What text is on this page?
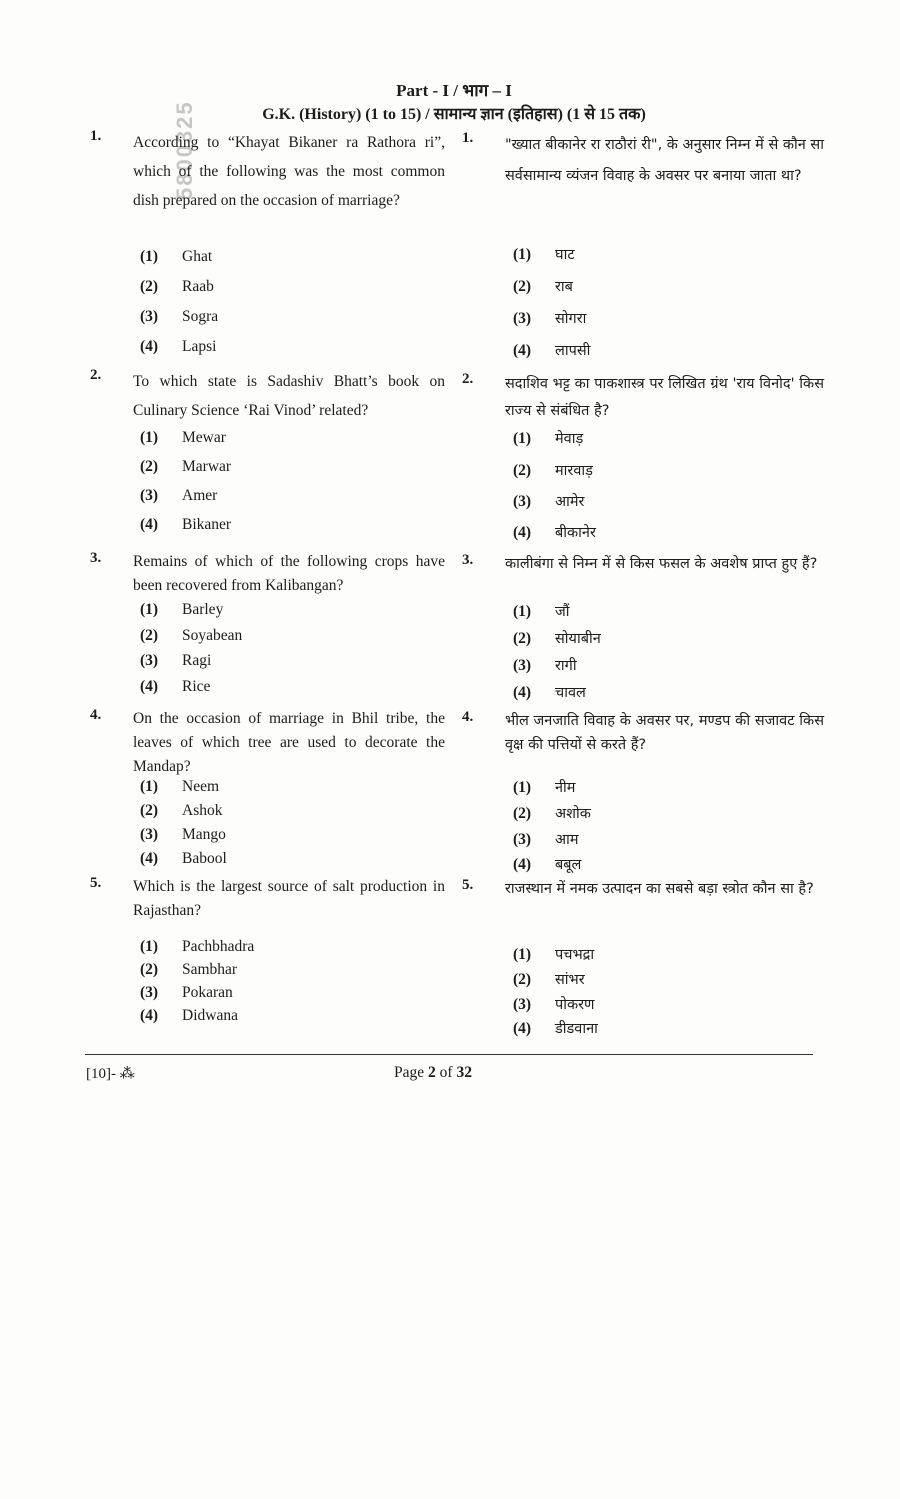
Part - I / भाग – I
G.K. (History) (1 to 15) / सामान्य ज्ञान (इतिहास) (1 से 15 तक)
5800325
1. According to “Khayat Bikaner ra Rathora ri”, which of the following was the most common dish prepared on the occasion of marriage?
(1) Ghat
(2) Raab
(3) Sogra
(4) Lapsi
2. To which state is Sadashiv Bhatt’s book on Culinary Science ‘Rai Vinod’ related?
(1) Mewar
(2) Marwar
(3) Amer
(4) Bikaner
3. Remains of which of the following crops have been recovered from Kalibangan?
(1) Barley
(2) Soyabean
(3) Ragi
(4) Rice
4. On the occasion of marriage in Bhil tribe, the leaves of which tree are used to decorate the Mandap?
(1) Neem
(2) Ashok
(3) Mango
(4) Babool
5. Which is the largest source of salt production in Rajasthan?
(1) Pachbhadra
(2) Sambhar
(3) Pokaran
(4) Didwana
1. "ख्यात बीकानेर रा राठौरां री", के अनुसार निम्न में से कौन सा सर्वसामान्य व्यंजन विवाह के अवसर पर बनाया जाता था?
(1) घाट
(2) राब
(3) सोगरा
(4) लापसी
2. सदाशिव भट्ट का पाकशास्त्र पर लिखित ग्रंथ 'राय विनोद' किस राज्य से संबंधित है?
(1) मेवाड़
(2) मारवाड़
(3) आमेर
(4) बीकानेर
3. कालीबंगा से निम्न में से किस फसल के अवशेष प्राप्त हुए हैं?
(1) जौं
(2) सोयाबीन
(3) रागी
(4) चावल
4. भील जनजाति विवाह के अवसर पर, मण्डप की सजावट किस वृक्ष की पत्तियों से करते हैं?
(1) नीम
(2) अशोक
(3) आम
(4) बबूल
5. राजस्थान में नमक उत्पादन का सबसे बड़ा स्त्रोत कौन सा है?
(1) पचभद्रा
(2) सांभर
(3) पोकरण
(4) डीडवाना
[10]- ⁂	Page 2 of 32
